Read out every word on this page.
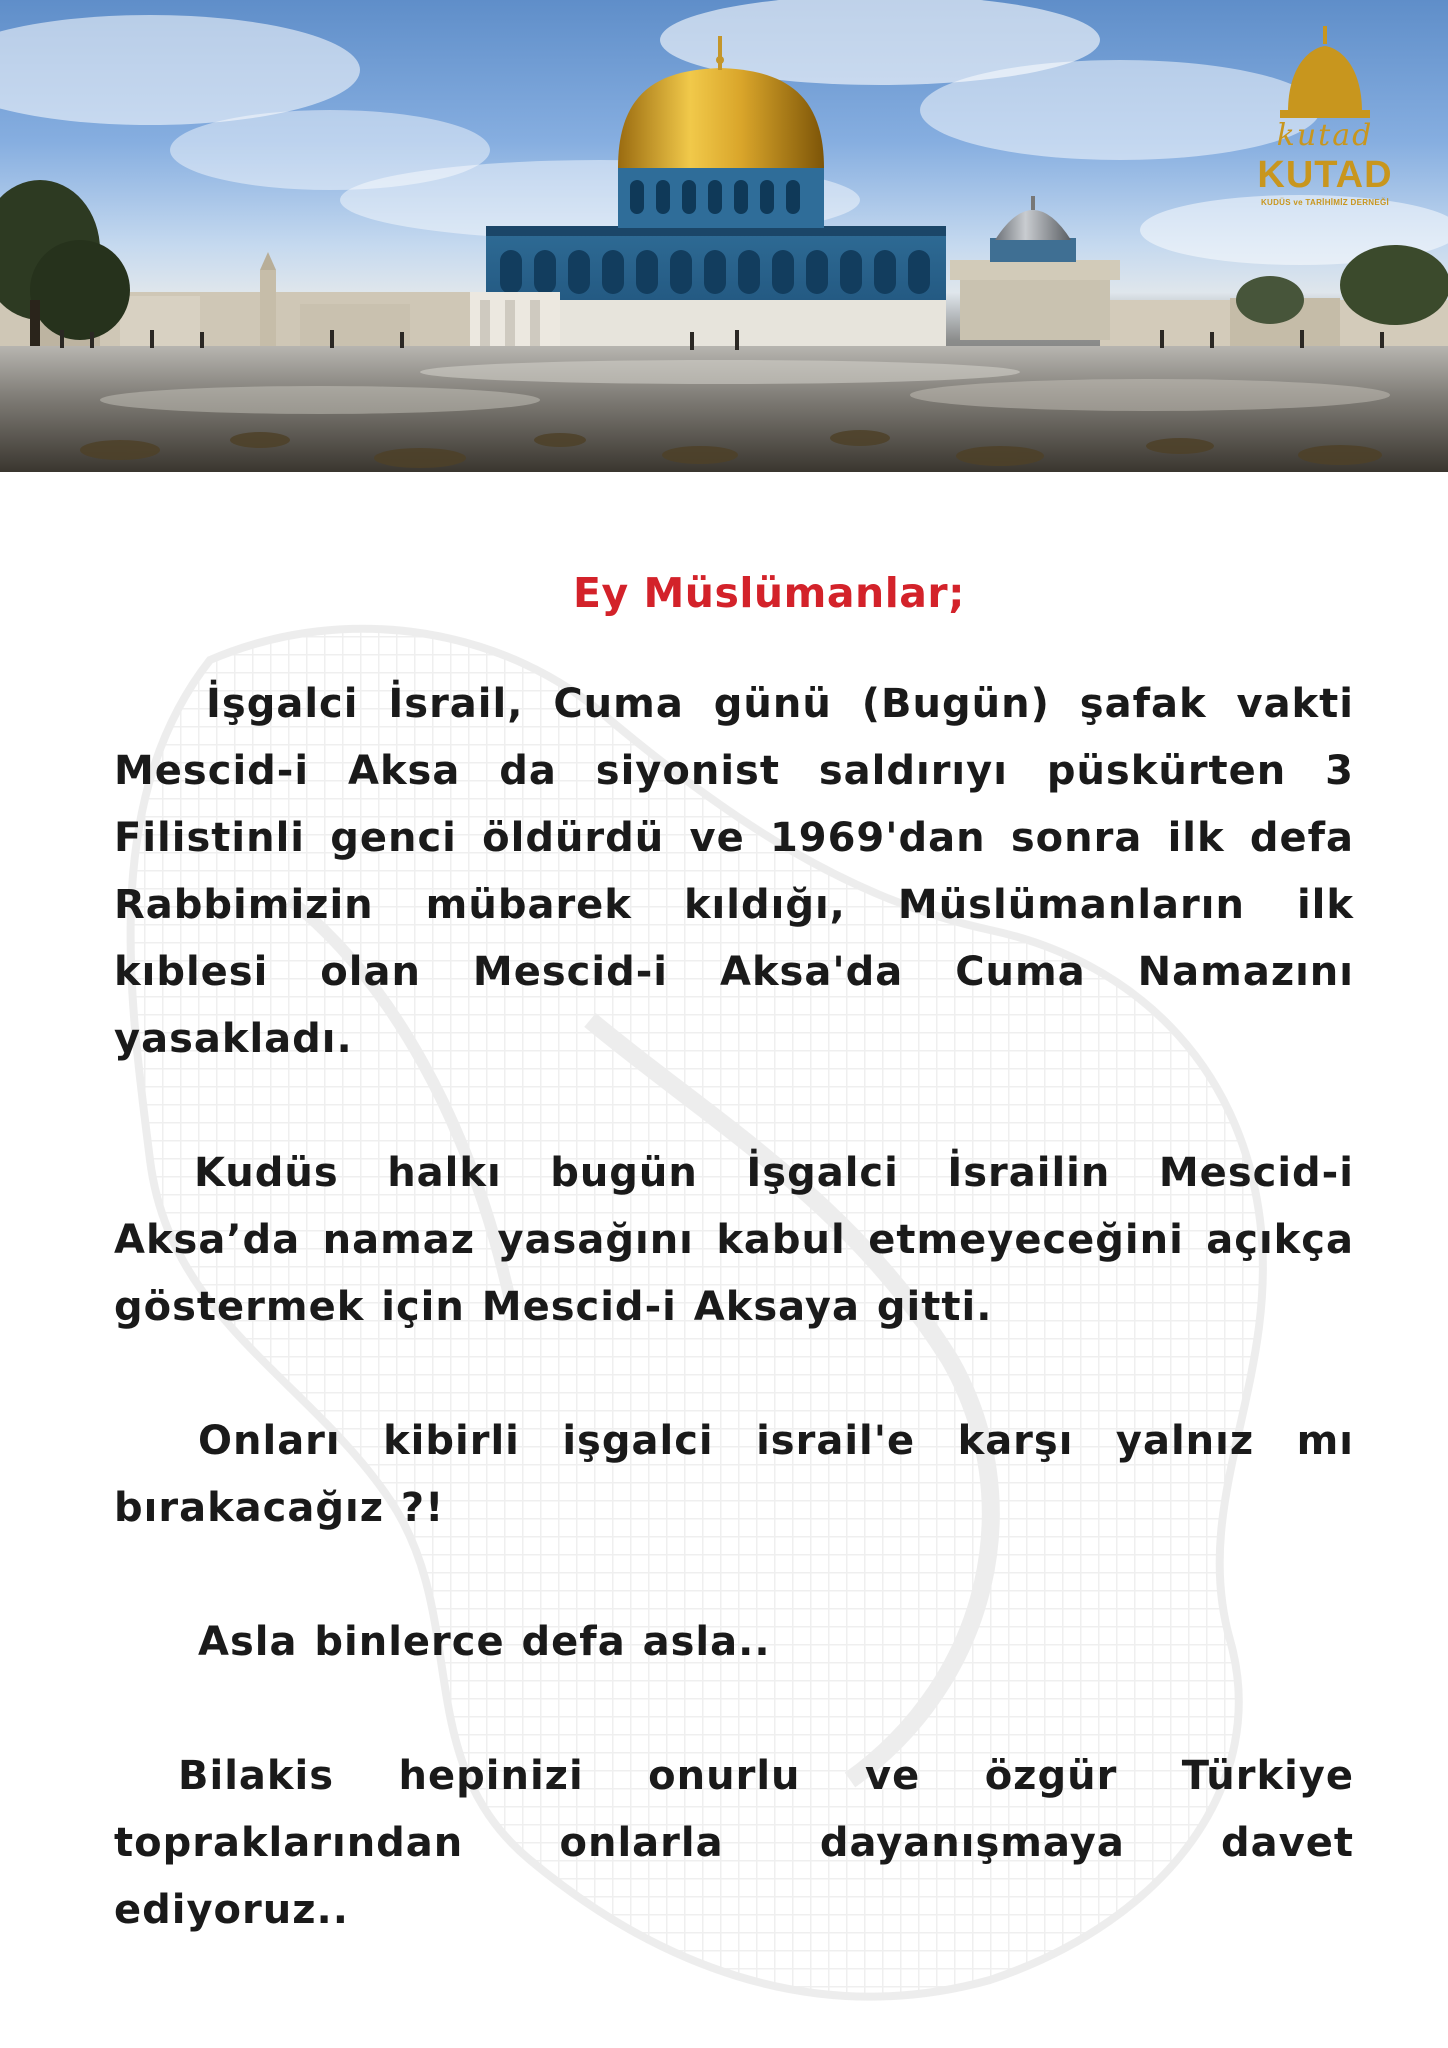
kutad
KUTAD
KUDÜS ve TARİHİMİZ DERNEĞİ
Ey Müslümanlar;

İşgalci İsrail, Cuma günü (Bugün) şafak vakti Mescid-i Aksa da siyonist saldırıyı püskürten 3 Filistinli genci öldürdü ve 1969'dan sonra ilk defa Rabbimizin mübarek kıldığı, Müslümanların ilk kıblesi olan Mescid-i Aksa'da Cuma Namazını yasakladı.

Kudüs halkı bugün İşgalci İsrailin Mescid-i Aksa’da namaz yasağını kabul etmeyeceğini açıkça göstermek için Mescid-i Aksaya gitti.

Onları kibirli işgalci israil'e karşı yalnız mı bırakacağız ?!

Asla binlerce defa asla..

Bilakis hepinizi onurlu ve özgür Türkiye topraklarından onlarla dayanışmaya davet ediyoruz..
